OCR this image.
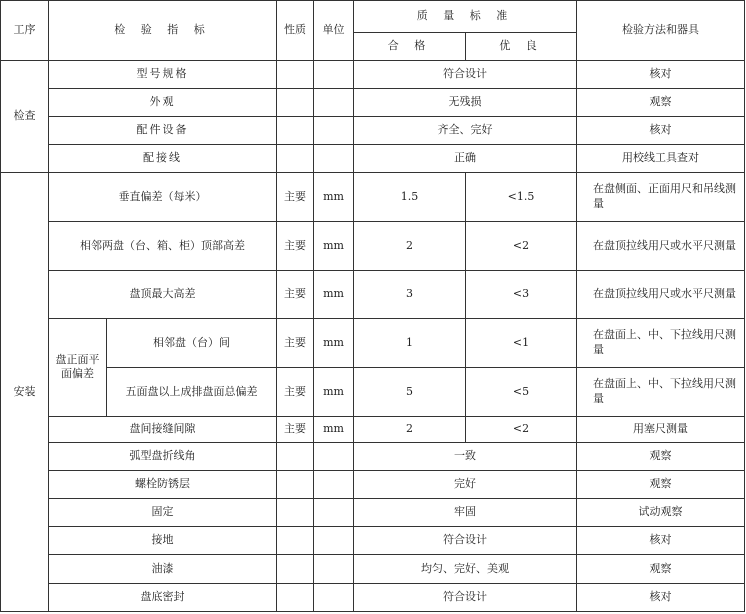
工序	检 验 指 标		性质	单位	质 量 标 准		检验方法和器具
					合 格	优 良	
检查	型号规格				符合设计		核对
	外观				无残损		观察
	配件设备				齐全、完好		核对
	配接线				正确		用校线工具查对
安装	垂直偏差（每米）		主要	mm	1.5	<1.5	在盘侧面、正面用尺和吊线测量
	相邻两盘（台、箱、柜）顶部高差		主要	mm	2	<2	在盘顶拉线用尺或水平尺测量
	盘顶最大高差		主要	mm	3	<3	在盘顶拉线用尺或水平尺测量
	盘正面平面偏差	相邻盘（台）间	主要	mm	1	<1	在盘面上、中、下拉线用尺测量
		五面盘以上成排盘面总偏差	主要	mm	5	<5	在盘面上、中、下拉线用尺测量
	盘间接缝间隙		主要	mm	2	<2	用塞尺测量
	弧型盘折线角				一致		观察
	螺栓防锈层				完好		观察
	固定				牢固		试动观察
	接地				符合设计		核对
	油漆				均匀、完好、美观		观察
	盘底密封				符合设计		核对
